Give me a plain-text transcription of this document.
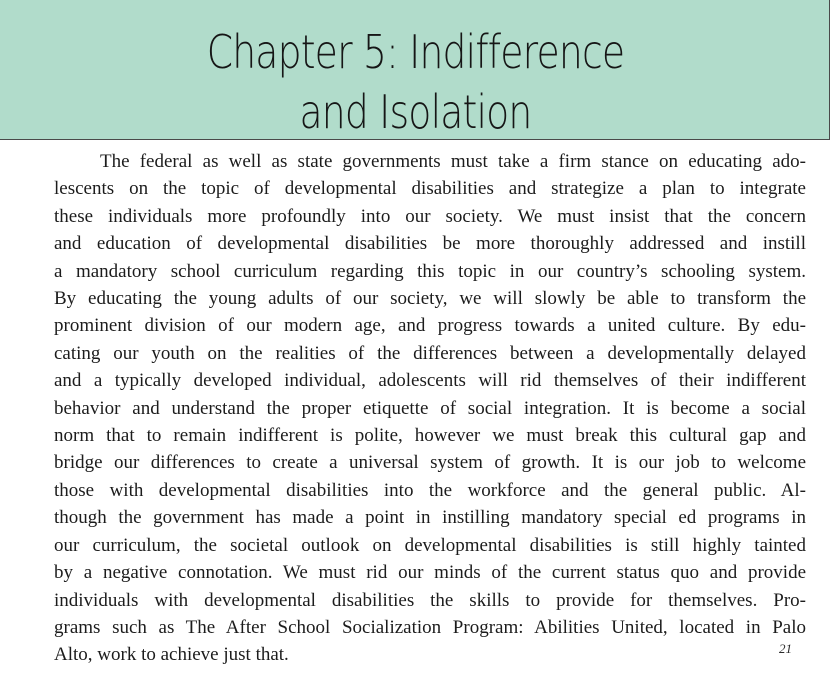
Chapter 5: Indifference
and Isolation

The federal as well as state governments must take a firm stance on educating ado-
lescents on the topic of developmental disabilities and strategize a plan to integrate
these individuals more profoundly into our society. We must insist that the concern
and education of developmental disabilities be more thoroughly addressed and instill
a mandatory school curriculum regarding this topic in our country’s schooling system.
By educating the young adults of our society, we will slowly be able to transform the
prominent division of our modern age, and progress towards a united culture. By edu-
cating our youth on the realities of the differences between a developmentally delayed
and a typically developed individual, adolescents will rid themselves of their indifferent
behavior and understand the proper etiquette of social integration. It is become a social
norm that to remain indifferent is polite, however we must break this cultural gap and
bridge our differences to create a universal system of growth. It is our job to welcome
those with developmental disabilities into the workforce and the general public. Al-
though the government has made a point in instilling mandatory special ed programs in
our curriculum, the societal outlook on developmental disabilities is still highly tainted
by a negative connotation. We must rid our minds of the current status quo and provide
individuals with developmental disabilities the skills to provide for themselves. Pro-
grams such as The After School Socialization Program: Abilities United, located in Palo
Alto, work to achieve just that.	21
